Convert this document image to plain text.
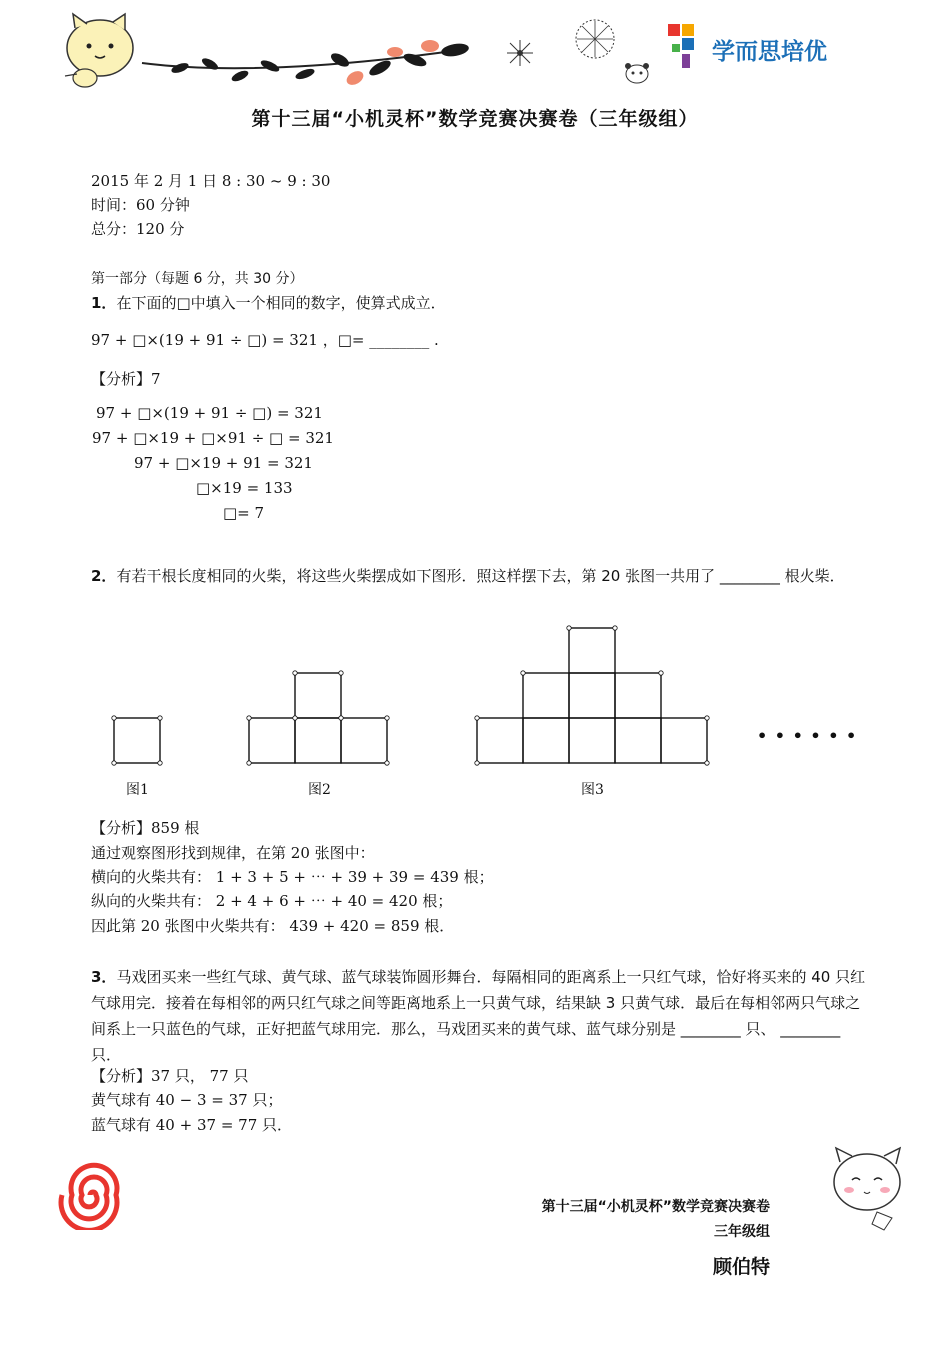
学而思培优
第十三届“小机灵杯”数学竞赛决赛卷（三年级组）
2015 年 2 月 1 日 8 : 30 ~ 9 : 30
时间：60 分钟
总分：120 分
第一部分（每题 6 分，共 30 分）
1．在下面的□中填入一个相同的数字，使算式成立．
97 + □×(19 + 91 ÷ □) = 321 ，□= ________ .
【分析】7
97 + □×(19 + 91 ÷ □) = 321
97 + □×19 + □×91 ÷ □ = 321
97 + □×19 + 91 = 321
□×19 = 133
□= 7
2．有若干根长度相同的火柴，将这些火柴摆成如下图形．照这样摆下去，第 20 张图一共用了 ________ 根火柴．
• • • • • •
图1	图2	图3
【分析】859 根
通过观察图形找到规律，在第 20 张图中：
横向的火柴共有： 1 + 3 + 5 + ⋯ + 39 + 39 = 439 根；
纵向的火柴共有： 2 + 4 + 6 + ⋯ + 40 = 420 根；
因此第 20 张图中火柴共有： 439 + 420 = 859 根．
3．马戏团买来一些红气球、黄气球、蓝气球装饰圆形舞台．每隔相同的距离系上一只红气球，恰好将买来的 40 只红气球用完．接着在每相邻的两只红气球之间等距离地系上一只黄气球，结果缺 3 只黄气球．最后在每相邻两只气球之间系上一只蓝色的气球，正好把蓝气球用完．那么，马戏团买来的黄气球、蓝气球分别是 ________ 只、 ________ 只．
【分析】37 只， 77 只
黄气球有 40 − 3 = 37 只；
蓝气球有 40 + 37 = 77 只．
第十三届“小机灵杯”数学竞赛决赛卷
三年级组
顾伯特
